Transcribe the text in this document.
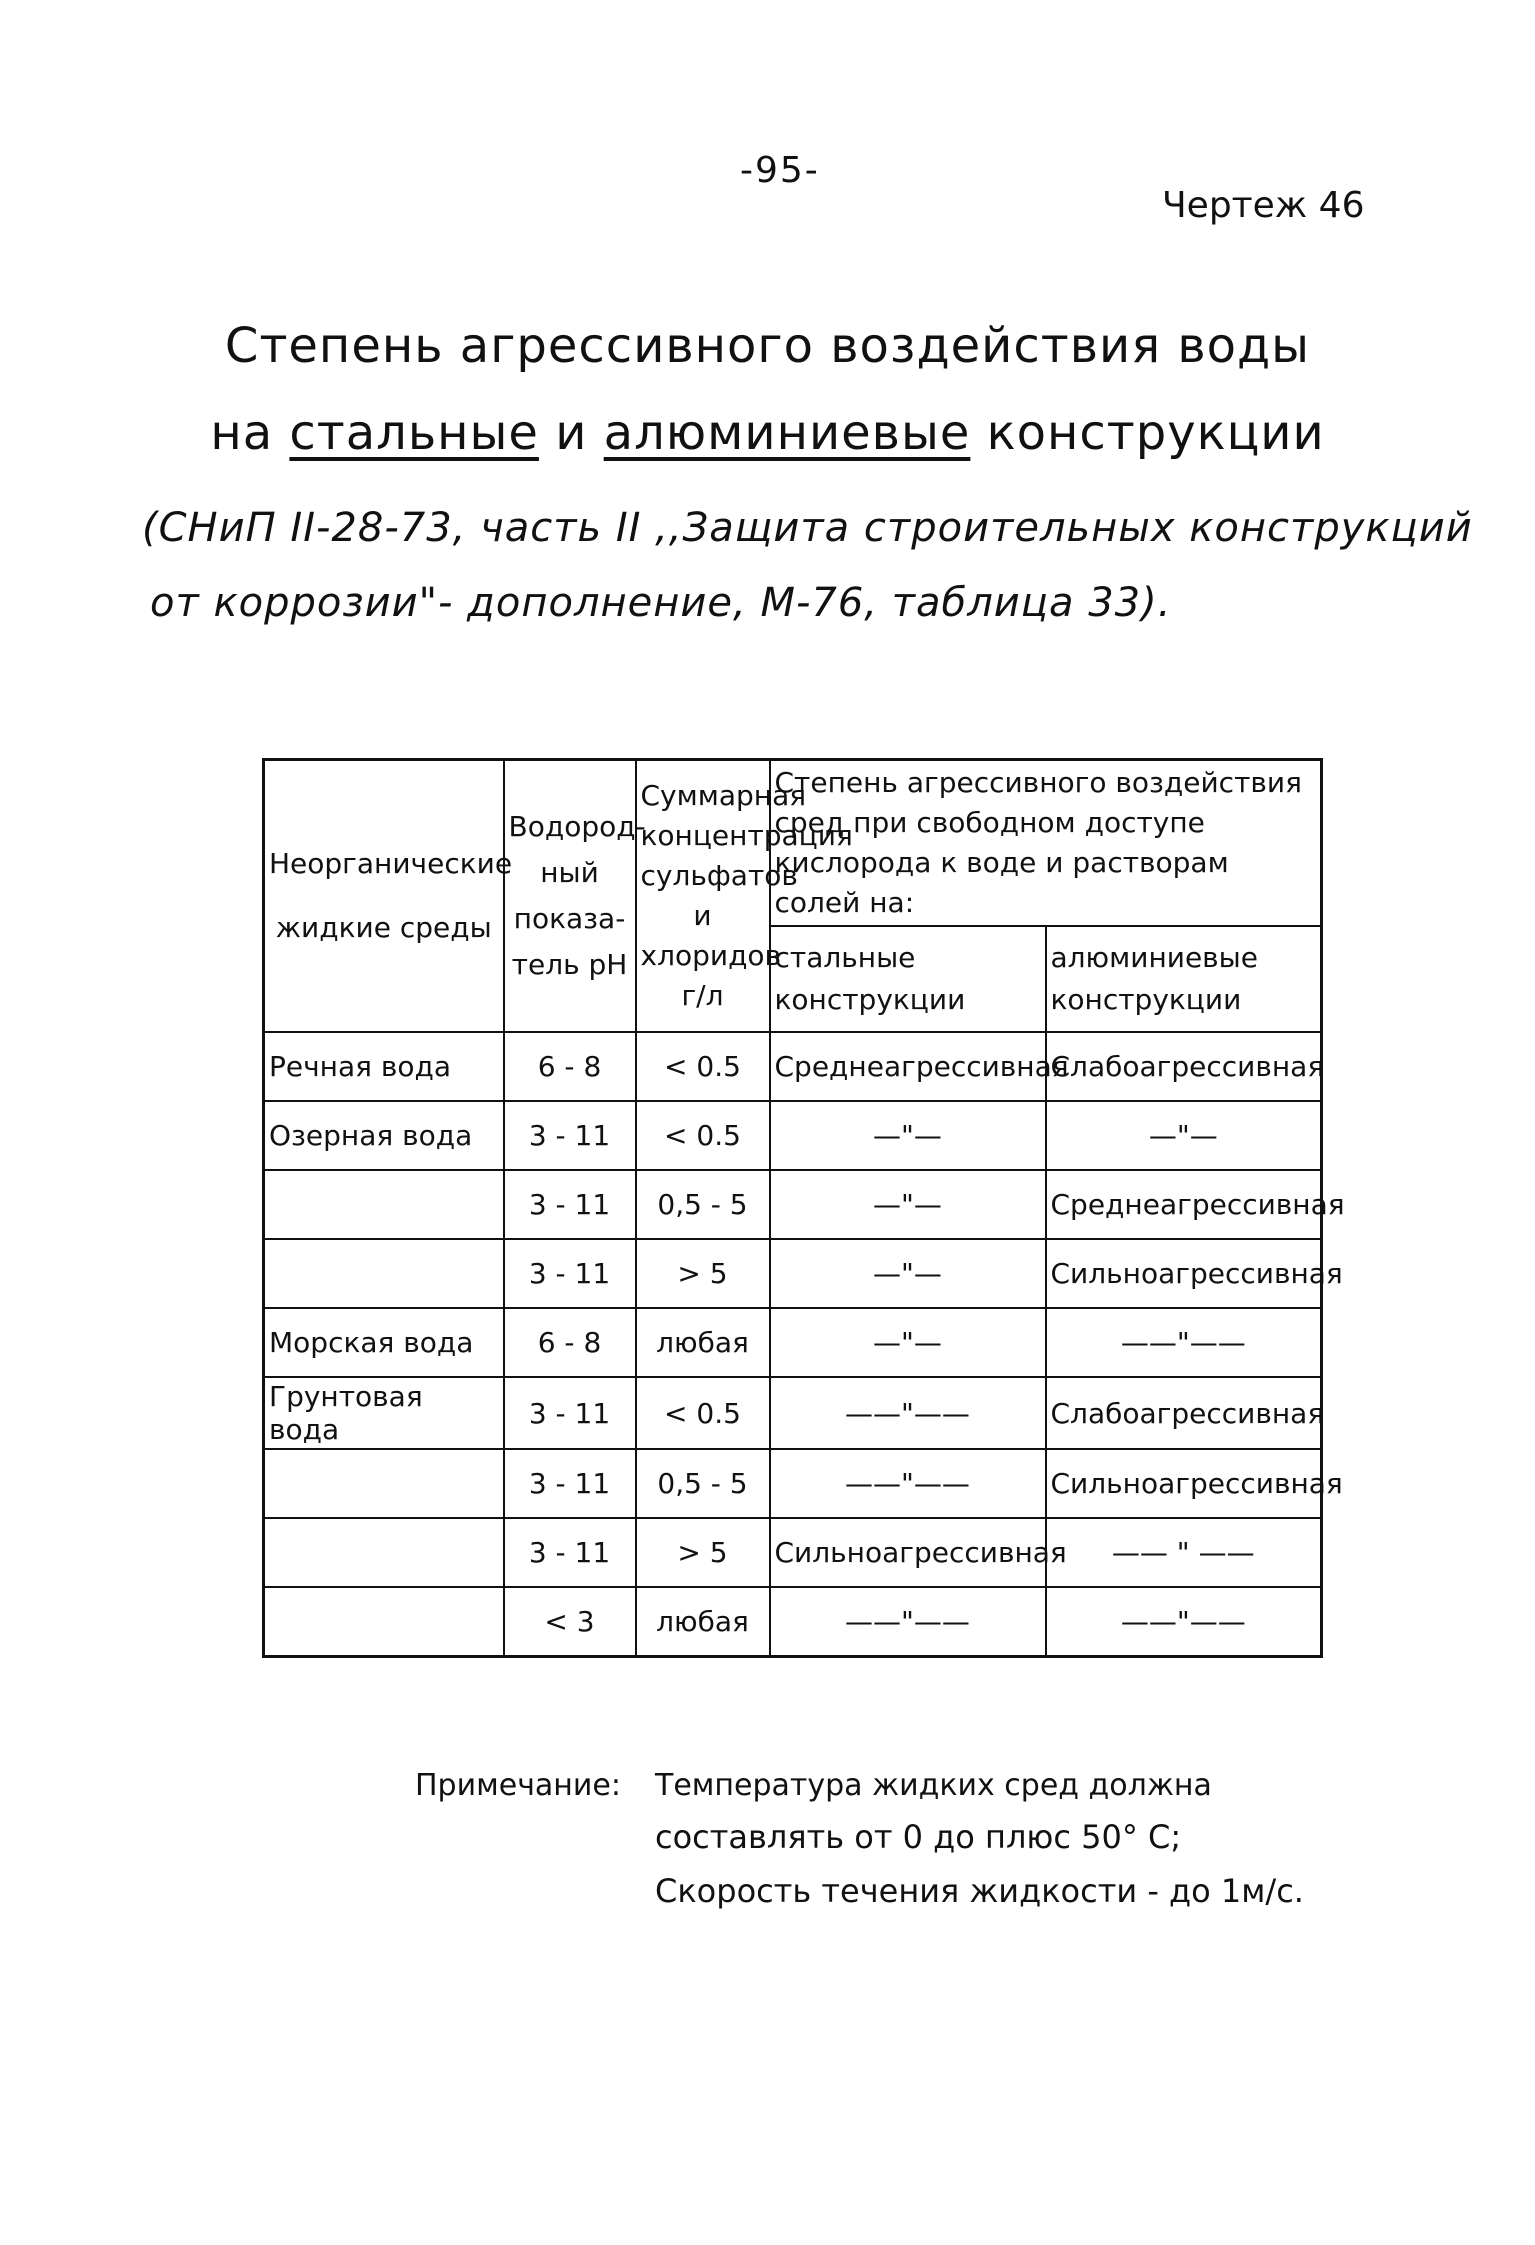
-95-
Чертеж 46
Степень агрессивного воздействия воды
на стальные и алюминиевые конструкции
(СНиП II-28-73, часть II ,,Защита строительных конструкций
от коррозии"- дополнение, М-76, таблица 33).
Неорганические жидкие среды	Водород-ный показа-тель pH	Суммарная концентрация сульфатов и хлоридов г/л	Степень агрессивного воздействия сред при свободном доступе кислорода к воде и растворам солей на:	
			стальные конструкции	алюминиевые конструкции
Речная вода	6 - 8	< 0.5	Среднеагрессивная	Слабоагрессивная
Озерная вода	3 - 11	< 0.5	—"—	—"—
	3 - 11	0,5 - 5	—"—	Среднеагрессивная
	3 - 11	> 5	—"—	Сильноагрессивная
Морская вода	6 - 8	любая	—"—	——"——
Грунтовая вода	3 - 11	< 0.5	——"——	Слабоагрессивная
	3 - 11	0,5 - 5	——"——	Сильноагрессивная
	3 - 11	> 5	Сильноагрессивная	—— " ——
	< 3	любая	——"——	——"——
Примечание: Температура жидких сред должна
составлять от 0 до плюс 50° С;
Скорость течения жидкости - до 1м/с.
